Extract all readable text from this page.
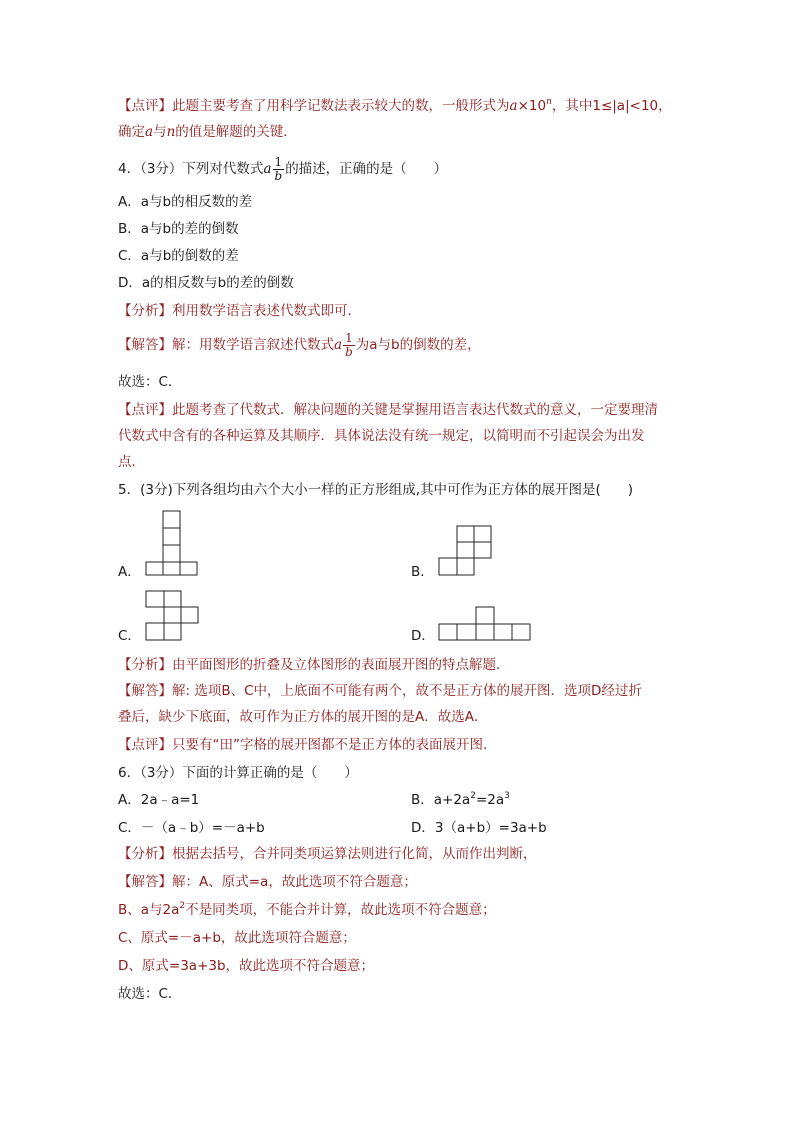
【点评】此题主要考查了用科学记数法表示较大的数，一般形式为$a\times 10^n$，其中1≤|a|<10，
确定a与n的值是解题的关键．
4．（3分）下列对代数式a $\frac{1}{b}$ 的描述，正确的是（　　）
A．a与b的相反数的差
B．a与b的差的倒数
C．a与b的倒数的差
D．a的相反数与b的差的倒数
【分析】利用数学语言表述代数式即可．
【解答】解：用数学语言叙述代数式a $\frac{1}{b}$ 为a与b的倒数的差，
故选：C．
【点评】此题考查了代数式．解决问题的关键是掌握用语言表达代数式的意义，一定要理清
代数式中含有的各种运算及其顺序．具体说法没有统一规定，以简明而不引起误会为出发
点．
5．(3分)下列各组均由六个大小一样的正方形组成,其中可作为正方体的展开图是(　　)
A．	B．
C．	D．
【分析】由平面图形的折叠及立体图形的表面展开图的特点解题．
【解答】解: 选项B、C中，上底面不可能有两个，故不是正方体的展开图．选项D经过折
叠后，缺少下底面，故可作为正方体的展开图的是A．故选A．
【点评】只要有“田”字格的展开图都不是正方体的表面展开图．
6．（3分）下面的计算正确的是（　　）
A．2a﹣a=1	B．$a+2a^2=2a^3$
C．－（a﹣b）=－a+b	D．3（a+b）=3a+b
【分析】根据去括号，合并同类项运算法则进行化简，从而作出判断，
【解答】解：A、原式=a，故此选项不符合题意；
B、a与$2a^2$不是同类项，不能合并计算，故此选项不符合题意；
C、原式=－a+b，故此选项符合题意；
D、原式=3a+3b，故此选项不符合题意；
故选：C．
